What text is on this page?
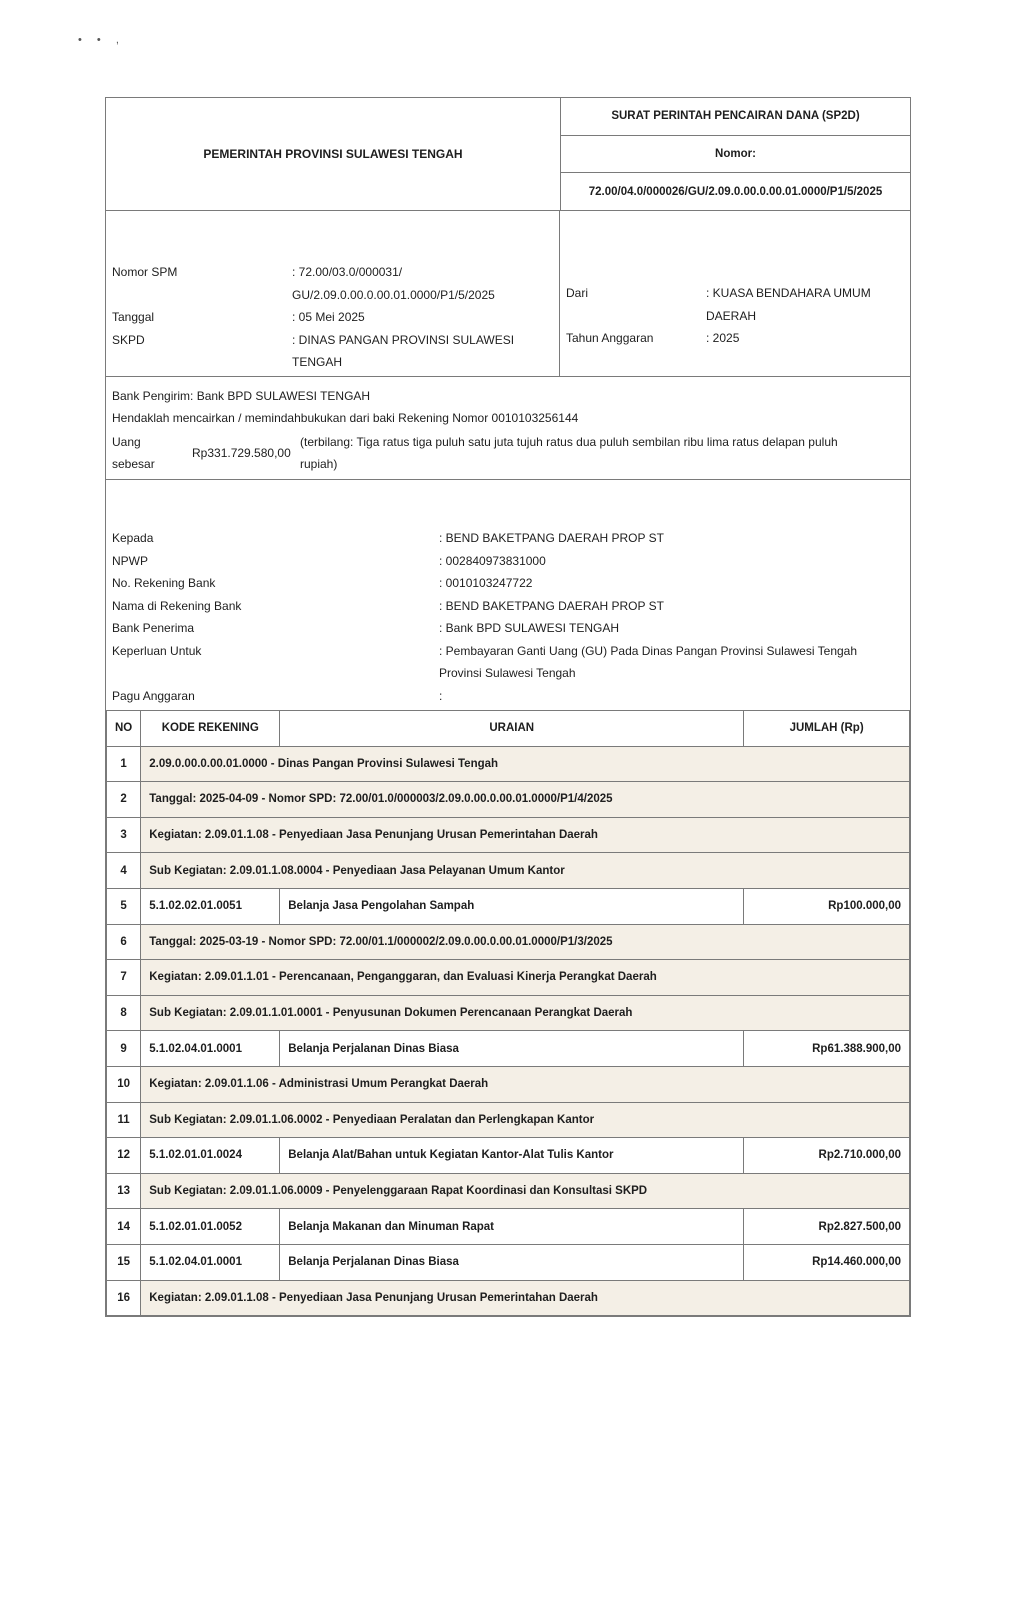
• • ,
PEMERINTAH PROVINSI SULAWESI TENGAH
SURAT PERINTAH PENCAIRAN DANA (SP2D)
Nomor:
72.00/04.0/000026/GU/2.09.0.00.0.00.01.0000/P1/5/2025
Nomor SPM	: 72.00/03.0/000031/
GU/2.09.0.00.0.00.01.0000/P1/5/2025
Tanggal	: 05 Mei 2025
SKPD	: DINAS PANGAN PROVINSI SULAWESI
TENGAH
Dari	: KUASA BENDAHARA UMUM
DAERAH
Tahun Anggaran	: 2025
Bank Pengirim: Bank BPD SULAWESI TENGAH
Hendaklah mencairkan / memindahbukukan dari baki Rekening Nomor 0010103256144
Uang
sebesar
Rp331.729.580,00
(terbilang: Tiga ratus tiga puluh satu juta tujuh ratus dua puluh sembilan ribu lima ratus delapan puluh
rupiah)
Kepada	: BEND BAKETPANG DAERAH PROP ST
NPWP	: 002840973831000
No. Rekening Bank	: 0010103247722
Nama di Rekening Bank	: BEND BAKETPANG DAERAH PROP ST
Bank Penerima	: Bank BPD SULAWESI TENGAH
Keperluan Untuk	: Pembayaran Ganti Uang (GU) Pada Dinas Pangan Provinsi Sulawesi Tengah
Provinsi Sulawesi Tengah
Pagu Anggaran	:
NO	KODE REKENING	URAIAN	JUMLAH (Rp)
1	2.09.0.00.0.00.01.0000 - Dinas Pangan Provinsi Sulawesi Tengah		
2	Tanggal: 2025-04-09 - Nomor SPD: 72.00/01.0/000003/2.09.0.00.0.00.01.0000/P1/4/2025		
3	Kegiatan: 2.09.01.1.08 - Penyediaan Jasa Penunjang Urusan Pemerintahan Daerah		
4	Sub Kegiatan: 2.09.01.1.08.0004 - Penyediaan Jasa Pelayanan Umum Kantor		
5	5.1.02.02.01.0051	Belanja Jasa Pengolahan Sampah	Rp100.000,00
6	Tanggal: 2025-03-19 - Nomor SPD: 72.00/01.1/000002/2.09.0.00.0.00.01.0000/P1/3/2025		
7	Kegiatan: 2.09.01.1.01 - Perencanaan, Penganggaran, dan Evaluasi Kinerja Perangkat Daerah		
8	Sub Kegiatan: 2.09.01.1.01.0001 - Penyusunan Dokumen Perencanaan Perangkat Daerah		
9	5.1.02.04.01.0001	Belanja Perjalanan Dinas Biasa	Rp61.388.900,00
10	Kegiatan: 2.09.01.1.06 - Administrasi Umum Perangkat Daerah		
11	Sub Kegiatan: 2.09.01.1.06.0002 - Penyediaan Peralatan dan Perlengkapan Kantor		
12	5.1.02.01.01.0024	Belanja Alat/Bahan untuk Kegiatan Kantor-Alat Tulis Kantor	Rp2.710.000,00
13	Sub Kegiatan: 2.09.01.1.06.0009 - Penyelenggaraan Rapat Koordinasi dan Konsultasi SKPD		
14	5.1.02.01.01.0052	Belanja Makanan dan Minuman Rapat	Rp2.827.500,00
15	5.1.02.04.01.0001	Belanja Perjalanan Dinas Biasa	Rp14.460.000,00
16	Kegiatan: 2.09.01.1.08 - Penyediaan Jasa Penunjang Urusan Pemerintahan Daerah		
